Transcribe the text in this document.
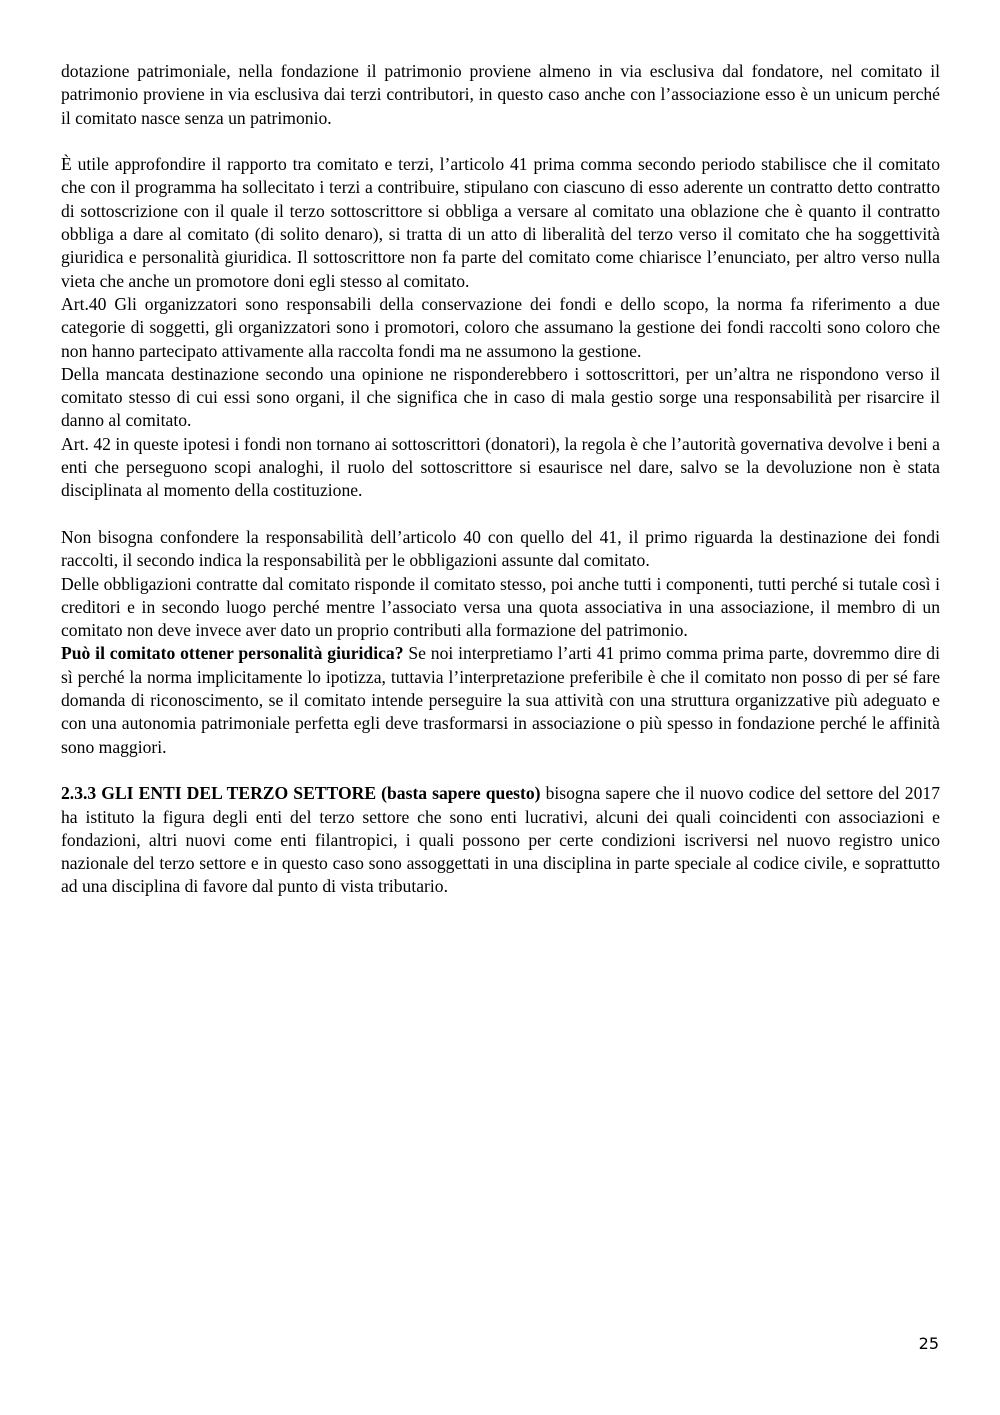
dotazione patrimoniale, nella fondazione il patrimonio proviene almeno in via esclusiva dal fondatore, nel comitato il patrimonio proviene in via esclusiva dai terzi contributori, in questo caso anche con l’associazione esso è un unicum perché il comitato nasce senza un patrimonio.

È utile approfondire il rapporto tra comitato e terzi, l’articolo 41 prima comma secondo periodo stabilisce che il comitato che con il programma ha sollecitato i terzi a contribuire, stipulano con ciascuno di esso aderente un contratto detto contratto di sottoscrizione con il quale il terzo sottoscrittore si obbliga a versare al comitato una oblazione che è quanto il contratto obbliga a dare al comitato (di solito denaro), si tratta di un atto di liberalità del terzo verso il comitato che ha soggettività giuridica e personalità giuridica. Il sottoscrittore non fa parte del comitato come chiarisce l’enunciato, per altro verso nulla vieta che anche un promotore doni egli stesso al comitato.

Art.40 Gli organizzatori sono responsabili della conservazione dei fondi e dello scopo, la norma fa riferimento a due categorie di soggetti, gli organizzatori sono i promotori, coloro che assumano la gestione dei fondi raccolti sono coloro che non hanno partecipato attivamente alla raccolta fondi ma ne assumono la gestione.

Della mancata destinazione secondo una opinione ne risponderebbero i sottoscrittori, per un’altra ne rispondono verso il comitato stesso di cui essi sono organi, il che significa che in caso di mala gestio sorge una responsabilità per risarcire il danno al comitato.

Art. 42 in queste ipotesi i fondi non tornano ai sottoscrittori (donatori), la regola è che l’autorità governativa devolve i beni a enti che perseguono scopi analoghi, il ruolo del sottoscrittore si esaurisce nel dare, salvo se la devoluzione non è stata disciplinata al momento della costituzione.

Non bisogna confondere la responsabilità dell’articolo 40 con quello del 41, il primo riguarda la destinazione dei fondi raccolti, il secondo indica la responsabilità per le obbligazioni assunte dal comitato.

Delle obbligazioni contratte dal comitato risponde il comitato stesso, poi anche tutti i componenti, tutti perché si tutale così i creditori e in secondo luogo perché mentre l’associato versa una quota associativa in una associazione, il membro di un comitato non deve invece aver dato un proprio contributi alla formazione del patrimonio.

Può il comitato ottener personalità giuridica? Se noi interpretiamo l’arti 41 primo comma prima parte, dovremmo dire di sì perché la norma implicitamente lo ipotizza, tuttavia l’interpretazione preferibile è che il comitato non posso di per sé fare domanda di riconoscimento, se il comitato intende perseguire la sua attività con una struttura organizzative più adeguato e con una autonomia patrimoniale perfetta egli deve trasformarsi in associazione o più spesso in fondazione perché le affinità sono maggiori.

2.3.3 GLI ENTI DEL TERZO SETTORE (basta sapere questo) bisogna sapere che il nuovo codice del settore del 2017 ha istituto la figura degli enti del terzo settore che sono enti lucrativi, alcuni dei quali coincidenti con associazioni e fondazioni, altri nuovi come enti filantropici, i quali possono per certe condizioni iscriversi nel nuovo registro unico nazionale del terzo settore e in questo caso sono assoggettati in una disciplina in parte speciale al codice civile, e soprattutto ad una disciplina di favore dal punto di vista tributario.

25
